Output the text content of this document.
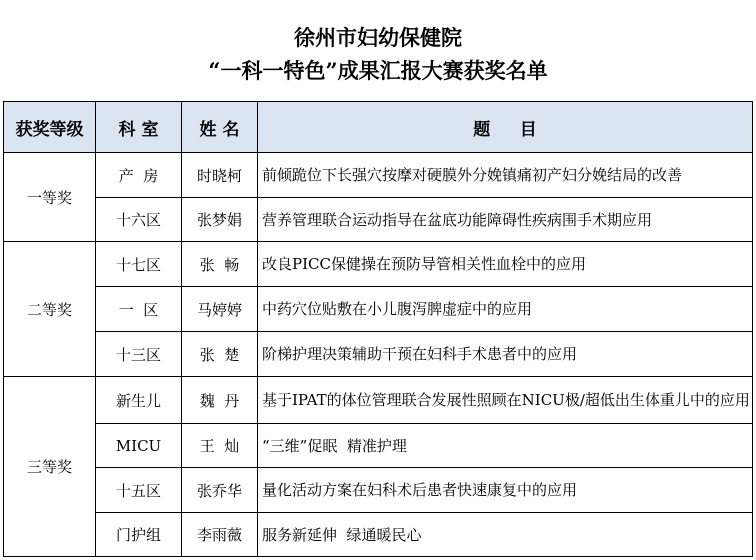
徐州市妇幼保健院
“一科一特色”成果汇报大赛获奖名单
获奖等级	科 室	姓 名	题     目
一等奖	产  房	时晓柯	前倾跪位下长强穴按摩对硬膜外分娩镇痛初产妇分娩结局的改善
	十六区	张梦娟	营养管理联合运动指导在盆底功能障碍性疾病围手术期应用
二等奖	十七区	张  畅	改良PICC保健操在预防导管相关性血栓中的应用
	一  区	马婷婷	中药穴位贴敷在小儿腹泻脾虚症中的应用
	十三区	张  楚	阶梯护理决策辅助干预在妇科手术患者中的应用
三等奖	新生儿	魏  丹	基于IPAT的体位管理联合发展性照顾在NICU极/超低出生体重儿中的应用
	MICU	王  灿	“三维”促眠  精准护理
	十五区	张乔华	量化活动方案在妇科术后患者快速康复中的应用
	门护组	李雨薇	服务新延伸  绿通暖民心
